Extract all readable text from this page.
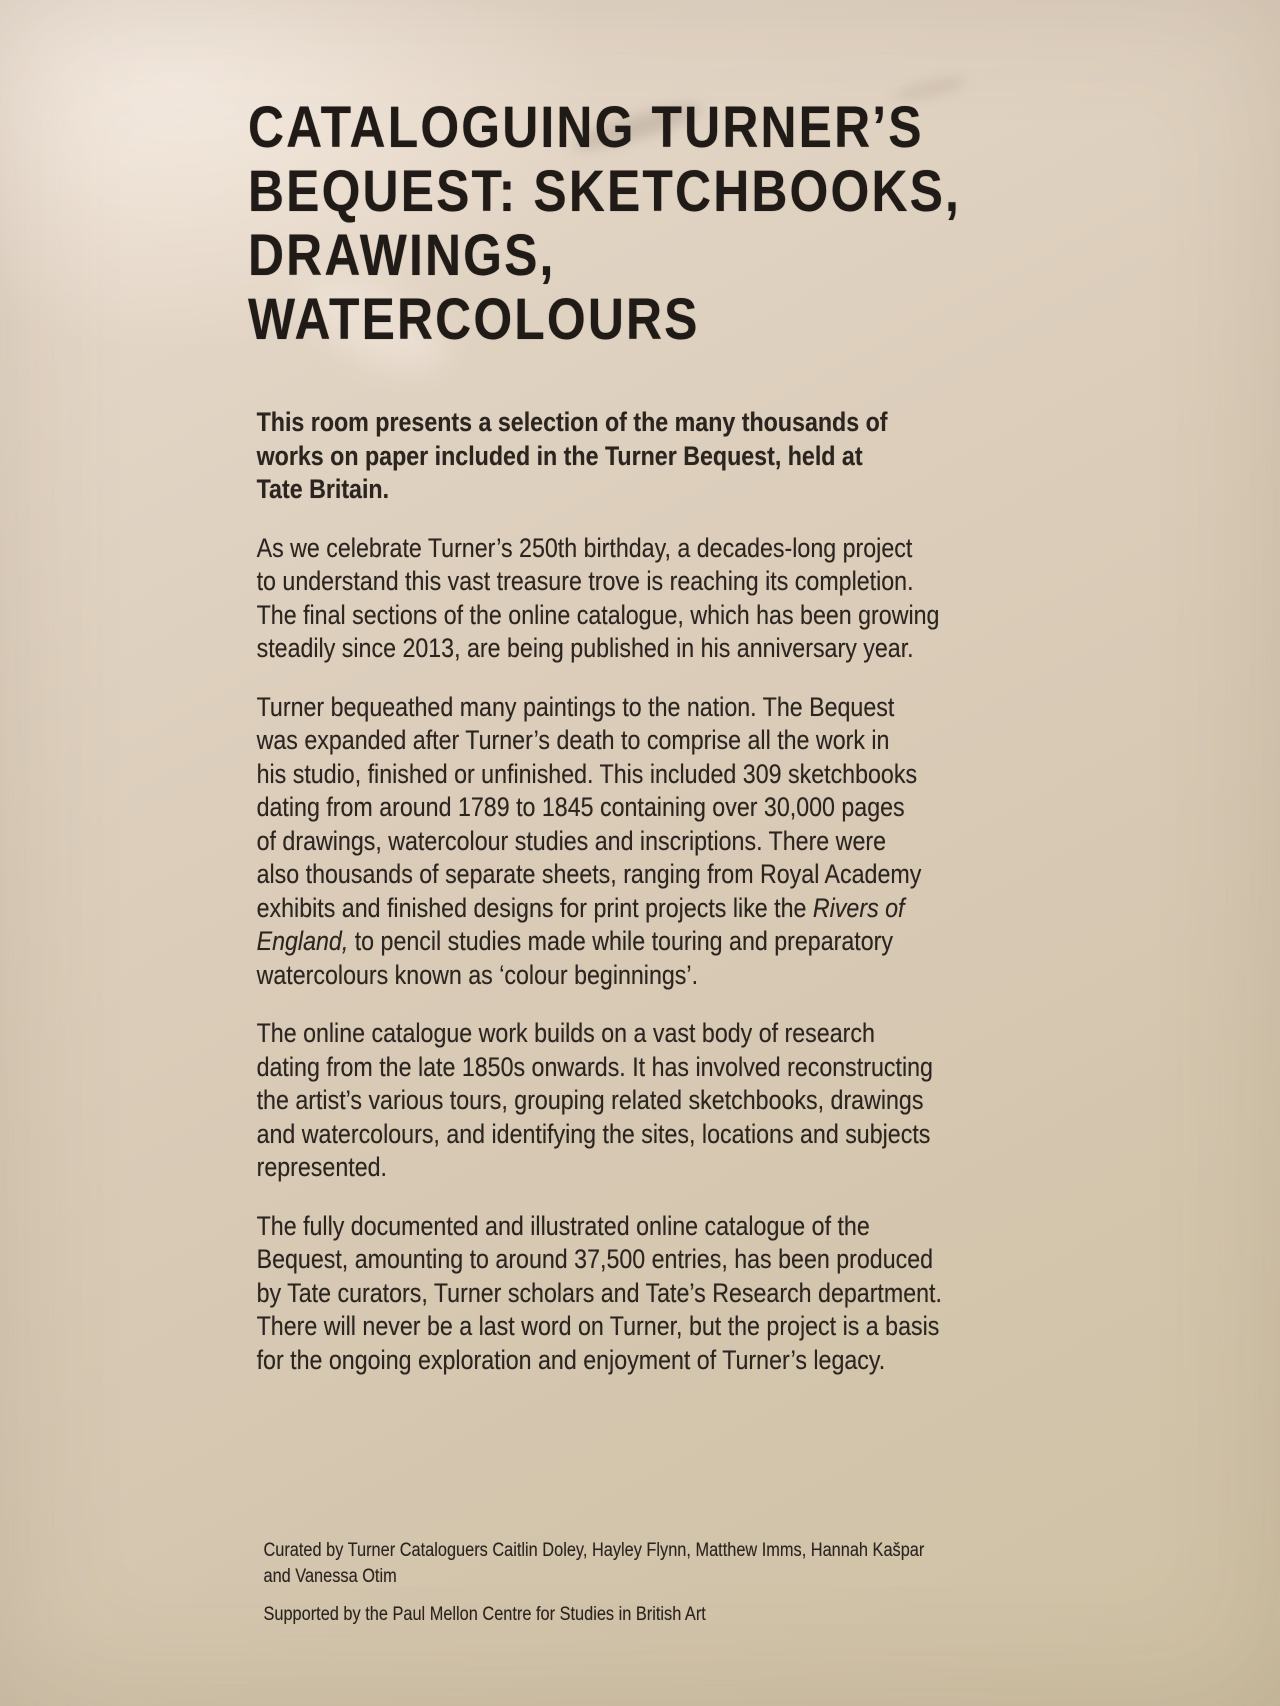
CATALOGUING TURNER’S
BEQUEST: SKETCHBOOKS,
DRAWINGS, WATERCOLOURS

This room presents a selection of the many thousands of
works on paper included in the Turner Bequest, held at
Tate Britain.

As we celebrate Turner’s 250th birthday, a decades-long project
to understand this vast treasure trove is reaching its completion.
The final sections of the online catalogue, which has been growing
steadily since 2013, are being published in his anniversary year.

Turner bequeathed many paintings to the nation. The Bequest
was expanded after Turner’s death to comprise all the work in
his studio, finished or unfinished. This included 309 sketchbooks
dating from around 1789 to 1845 containing over 30,000 pages
of drawings, watercolour studies and inscriptions. There were
also thousands of separate sheets, ranging from Royal Academy
exhibits and finished designs for print projects like the Rivers of
England, to pencil studies made while touring and preparatory
watercolours known as ‘colour beginnings’.

The online catalogue work builds on a vast body of research
dating from the late 1850s onwards. It has involved reconstructing
the artist’s various tours, grouping related sketchbooks, drawings
and watercolours, and identifying the sites, locations and subjects
represented.

The fully documented and illustrated online catalogue of the
Bequest, amounting to around 37,500 entries, has been produced
by Tate curators, Turner scholars and Tate’s Research department.
There will never be a last word on Turner, but the project is a basis
for the ongoing exploration and enjoyment of Turner’s legacy.

Curated by Turner Cataloguers Caitlin Doley, Hayley Flynn, Matthew Imms, Hannah Kašpar
and Vanessa Otim

Supported by the Paul Mellon Centre for Studies in British Art
